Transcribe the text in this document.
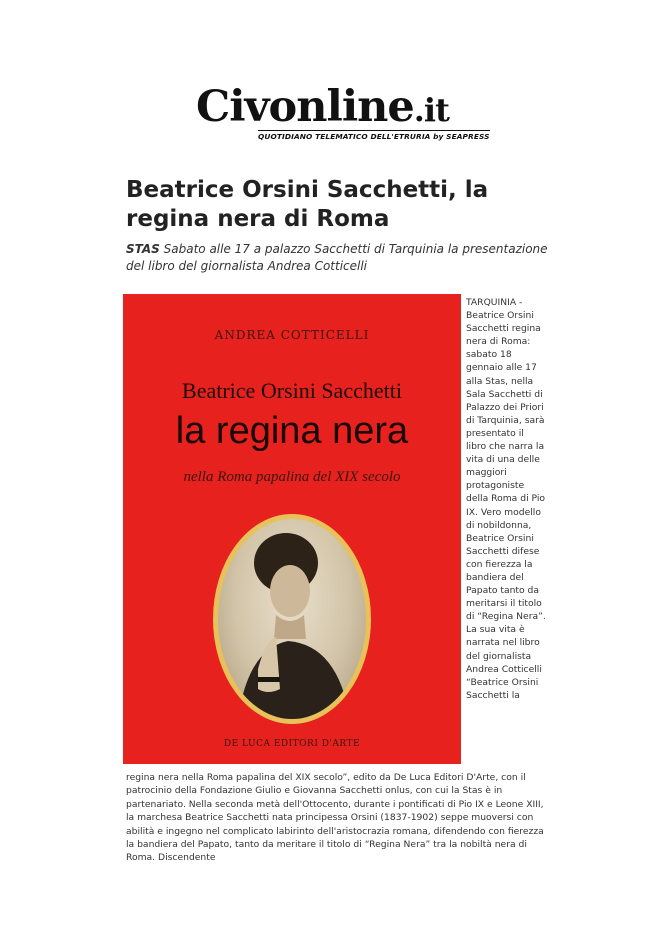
Civonline.it
QUOTIDIANO TELEMATICO DELL'ETRURIA by SEAPRESS
Beatrice Orsini Sacchetti, la regina nera di Roma
STAS Sabato alle 17 a palazzo Sacchetti di Tarquinia la presentazione del libro del giornalista Andrea Cotticelli
ANDREA COTTICELLI
Beatrice Orsini Sacchetti
la regina nera
nella Roma papalina del XIX secolo
DE LUCA EDITORI D'ARTE
TARQUINIA - Beatrice Orsini Sacchetti regina nera di Roma: sabato 18 gennaio alle 17 alla Stas, nella Sala Sacchetti di Palazzo dei Priori di Tarquinia, sarà presentato il libro che narra la vita di una delle maggiori protagoniste della Roma di Pio IX. Vero modello di nobildonna, Beatrice Orsini Sacchetti difese con fierezza la bandiera del Papato tanto da meritarsi il titolo di “Regina Nera”. La sua vita è narrata nel libro del giornalista Andrea Cotticelli “Beatrice Orsini Sacchetti la
regina nera nella Roma papalina del XIX secolo”, edito da De Luca Editori D'Arte, con il patrocinio della Fondazione Giulio e Giovanna Sacchetti onlus, con cui la Stas è in partenariato. Nella seconda metà dell'Ottocento, durante i pontificati di Pio IX e Leone XIII, la marchesa Beatrice Sacchetti nata principessa Orsini (1837-1902) seppe muoversi con abilità e ingegno nel complicato labirinto dell'aristocrazia romana, difendendo con fierezza la bandiera del Papato, tanto da meritare il titolo di “Regina Nera” tra la nobiltà nera di Roma. Discendente
